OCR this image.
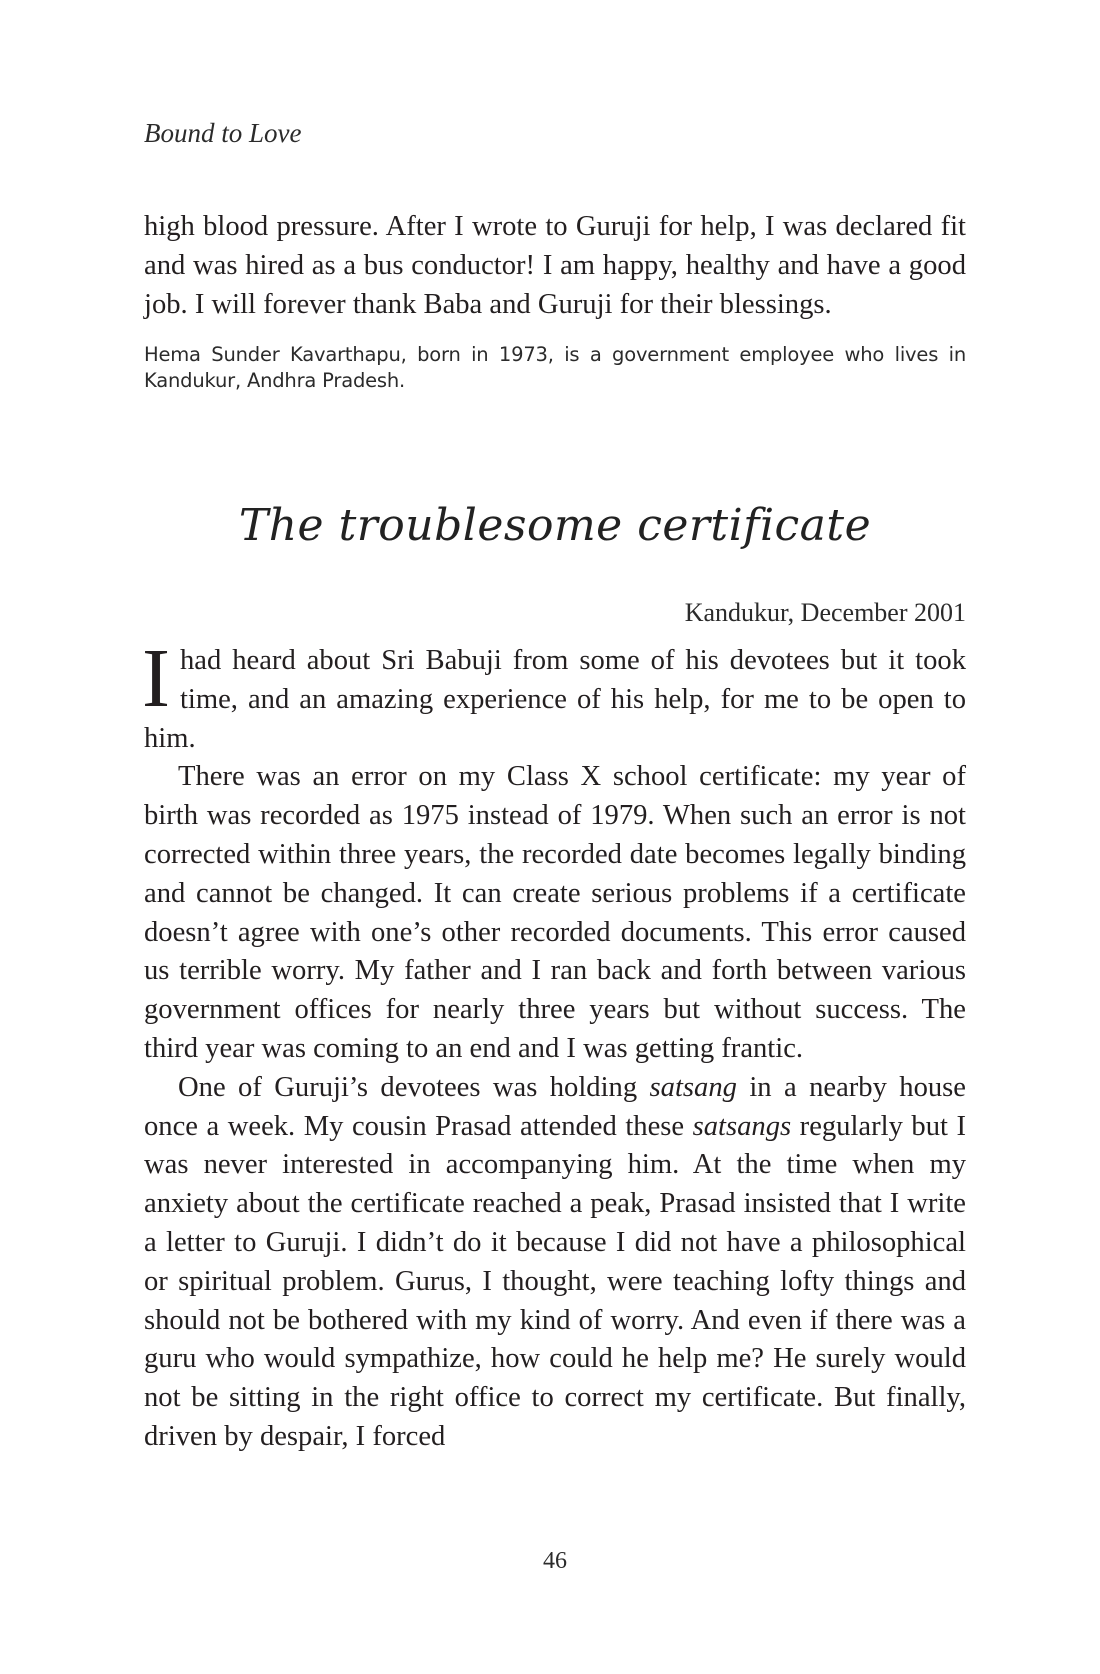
Bound to Love

high blood pressure. After I wrote to Guruji for help, I was declared fit and was hired as a bus conductor! I am happy, healthy and have a good job. I will forever thank Baba and Guruji for their blessings.

Hema Sunder Kavarthapu, born in 1973, is a government employee who lives in Kandukur, Andhra Pradesh.
The troublesome certificate
Kandukur, December 2001

I had heard about Sri Babuji from some of his devotees but it took time, and an amazing experience of his help, for me to be open to him.

There was an error on my Class X school certificate: my year of birth was recorded as 1975 instead of 1979. When such an error is not corrected within three years, the recorded date becomes legally binding and cannot be changed. It can create serious problems if a certificate doesn’t agree with one’s other recorded documents. This error caused us terrible worry. My father and I ran back and forth between various government offices for nearly three years but without success. The third year was coming to an end and I was getting frantic.

One of Guruji’s devotees was holding satsang in a nearby house once a week. My cousin Prasad attended these satsangs regularly but I was never interested in accompanying him. At the time when my anxiety about the certificate reached a peak, Prasad insisted that I write a letter to Guruji. I didn’t do it because I did not have a philosophical or spiritual problem. Gurus, I thought, were teaching lofty things and should not be bothered with my kind of worry. And even if there was a guru who would sympathize, how could he help me? He surely would not be sitting in the right office to correct my certificate. But finally, driven by despair, I forced

46
